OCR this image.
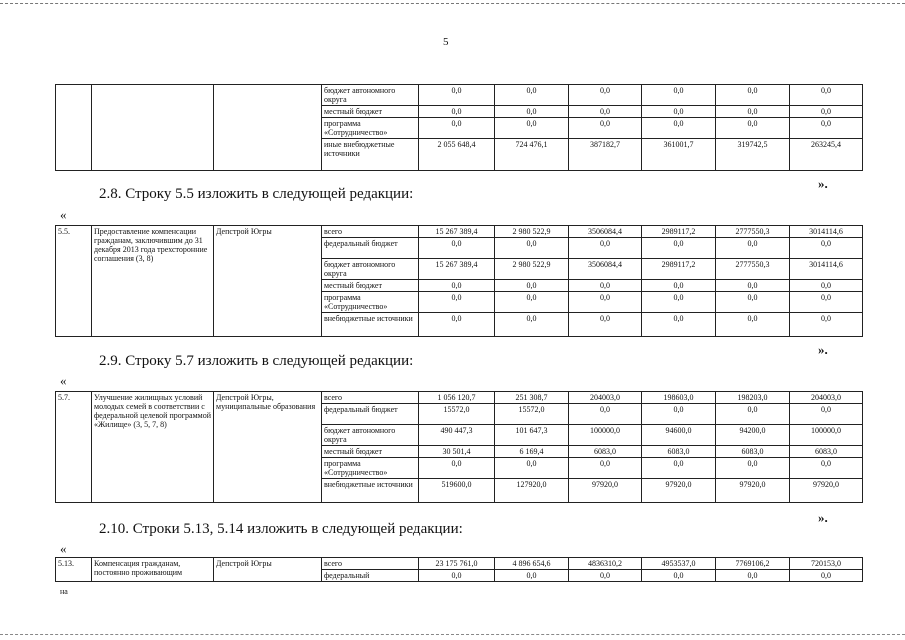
5
			бюджет автономного округа	0,0	0,0	0,0	0,0	0,0	0,0
			местный бюджет	0,0	0,0	0,0	0,0	0,0	0,0
			программа «Сотрудничество»	0,0	0,0	0,0	0,0	0,0	0,0
			иные внебюджетные источники	2 055 648,4	724 476,1	387182,7	361001,7	319742,5	263245,4
».
2.8. Строку 5.5 изложить в следующей редакции:
«
5.5.	Предоставление компенсации гражданам, заключившим до 31 декабря 2013 года трехсторонние соглашения (3, 8)	Депстрой Югры	всего	15 267 389,4	2 980 522,9	3506084,4	2989117,2	2777550,3	3014114,6
			федеральный бюджет	0,0	0,0	0,0	0,0	0,0	0,0
			бюджет автономного округа	15 267 389,4	2 980 522,9	3506084,4	2989117,2	2777550,3	3014114,6
			местный бюджет	0,0	0,0	0,0	0,0	0,0	0,0
			программа «Сотрудничество»	0,0	0,0	0,0	0,0	0,0	0,0
			внебюджетные источники	0,0	0,0	0,0	0,0	0,0	0,0
».
2.9. Строку 5.7 изложить в следующей редакции:
«
5.7.	Улучшение жилищных условий молодых семей в соответствии с федеральной целевой программой «Жилище» (3, 5, 7, 8)	Депстрой Югры, муниципальные образования	всего	1 056 120,7	251 308,7	204003,0	198603,0	198203,0	204003,0
			федеральный бюджет	15572,0	15572,0	0,0	0,0	0,0	0,0
			бюджет автономного округа	490 447,3	101 647,3	100000,0	94600,0	94200,0	100000,0
			местный бюджет	30 501,4	6 169,4	6083,0	6083,0	6083,0	6083,0
			программа «Сотрудничество»	0,0	0,0	0,0	0,0	0,0	0,0
			внебюджетные источники	519600,0	127920,0	97920,0	97920,0	97920,0	97920,0
».
2.10. Строки 5.13, 5.14 изложить в следующей редакции:
«
5.13.	Компенсация гражданам, постоянно проживающим	Депстрой Югры	всего	23 175 761,0	4 896 654,6	4836310,2	4953537,0	7769106,2	720153,0
			федеральный	0,0	0,0	0,0	0,0	0,0	0,0
на
